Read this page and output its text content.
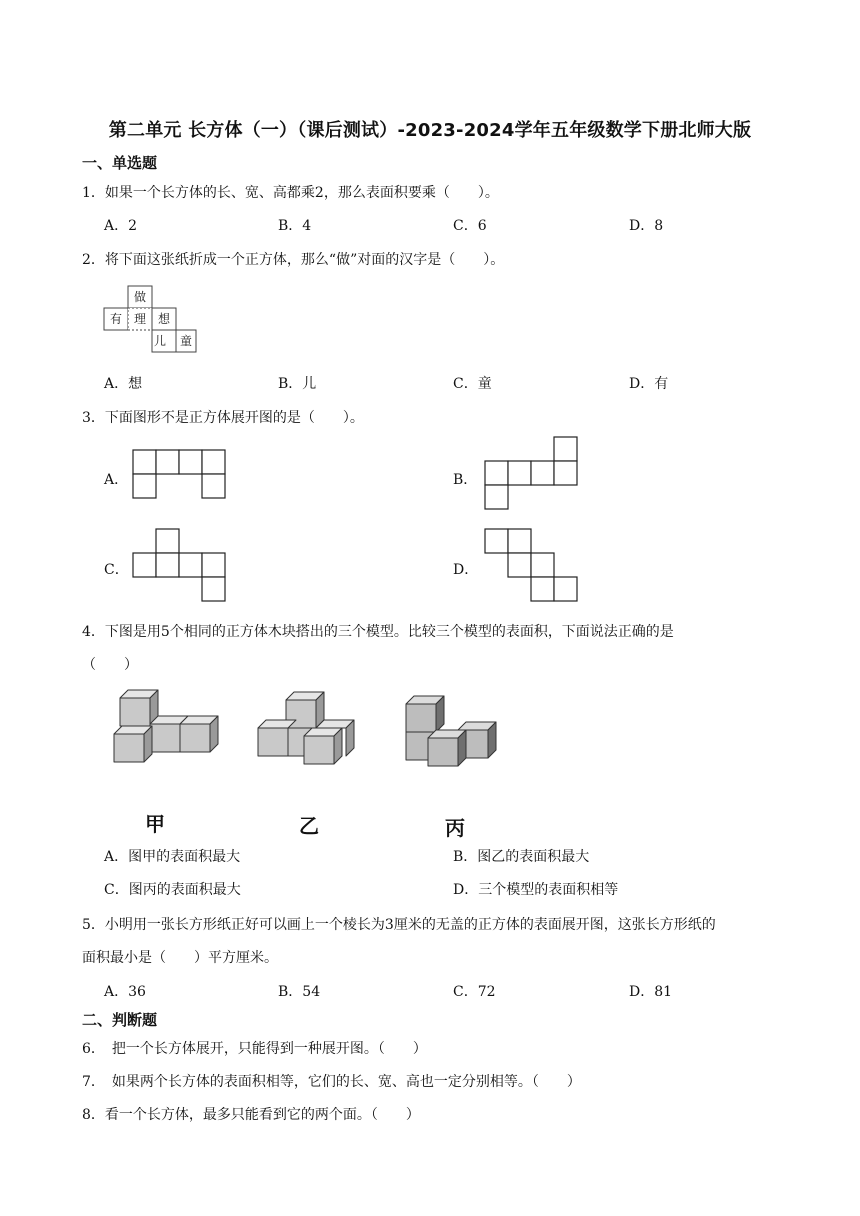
第二单元 长方体（一）（课后测试）-2023-2024学年五年级数学下册北师大版
一、单选题
1．如果一个长方体的长、宽、高都乘2，那么表面积要乘（　　）。
A．2	B．4	C．6	D．8
2．将下面这张纸折成一个正方体，那么“做”对面的汉字是（　　）。
做
有 理 想
儿 童
A．想	B．儿	C．童	D．有
3．下面图形不是正方体展开图的是（　　）。
A．	B．
C．	D．
4．下图是用5个相同的正方体木块搭出的三个模型。比较三个模型的表面积，下面说法正确的是
（　　）
甲	乙	丙
A．图甲的表面积最大	B．图乙的表面积最大
C．图丙的表面积最大	D．三个模型的表面积相等
5．小明用一张长方形纸正好可以画上一个棱长为3厘米的无盖的正方体的表面展开图，这张长方形纸的
面积最小是（　　）平方厘米。
A．36	B．54	C．72	D．81
二、判断题
6．　把一个长方体展开，只能得到一种展开图。（　　）
7．　如果两个长方体的表面积相等，它们的长、宽、高也一定分别相等。（　　）
8．看一个长方体，最多只能看到它的两个面。（　　）
